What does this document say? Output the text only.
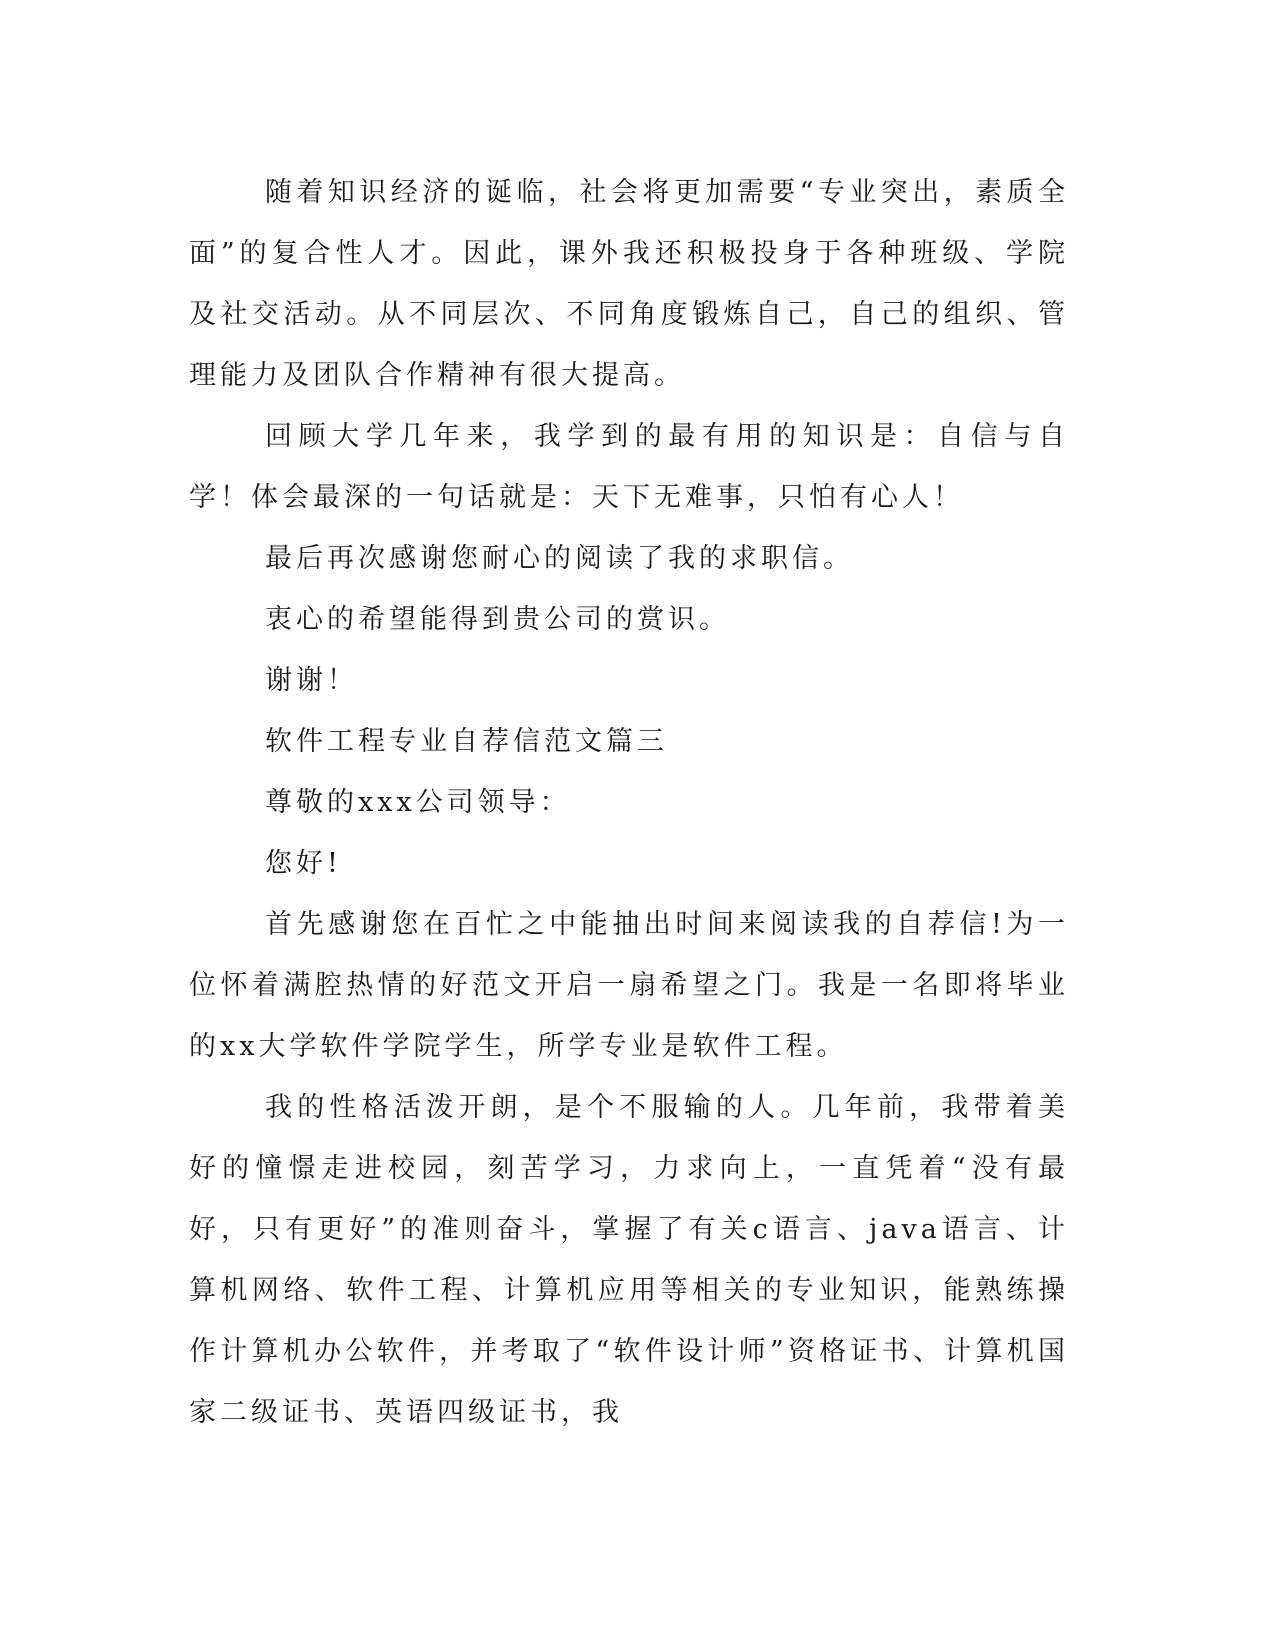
随着知识经济的诞临，社会将更加需要“专业突出，素质全面”的复合性人才。因此，课外我还积极投身于各种班级、学院及社交活动。从不同层次、不同角度锻炼自己，自己的组织、管理能力及团队合作精神有很大提高。

回顾大学几年来，我学到的最有用的知识是：自信与自学！体会最深的一句话就是：天下无难事，只怕有心人！

最后再次感谢您耐心的阅读了我的求职信。

衷心的希望能得到贵公司的赏识。

谢谢！

软件工程专业自荐信范文篇三

尊敬的xxx公司领导：

您好!

首先感谢您在百忙之中能抽出时间来阅读我的自荐信!为一位怀着满腔热情的好范文开启一扇希望之门。我是一名即将毕业的xx大学软件学院学生，所学专业是软件工程。

我的性格活泼开朗，是个不服输的人。几年前，我带着美好的憧憬走进校园，刻苦学习，力求向上，一直凭着“没有最好，只有更好”的准则奋斗，掌握了有关c语言、java语言、计算机网络、软件工程、计算机应用等相关的专业知识，能熟练操作计算机办公软件，并考取了“软件设计师”资格证书、计算机国家二级证书、英语四级证书，我
